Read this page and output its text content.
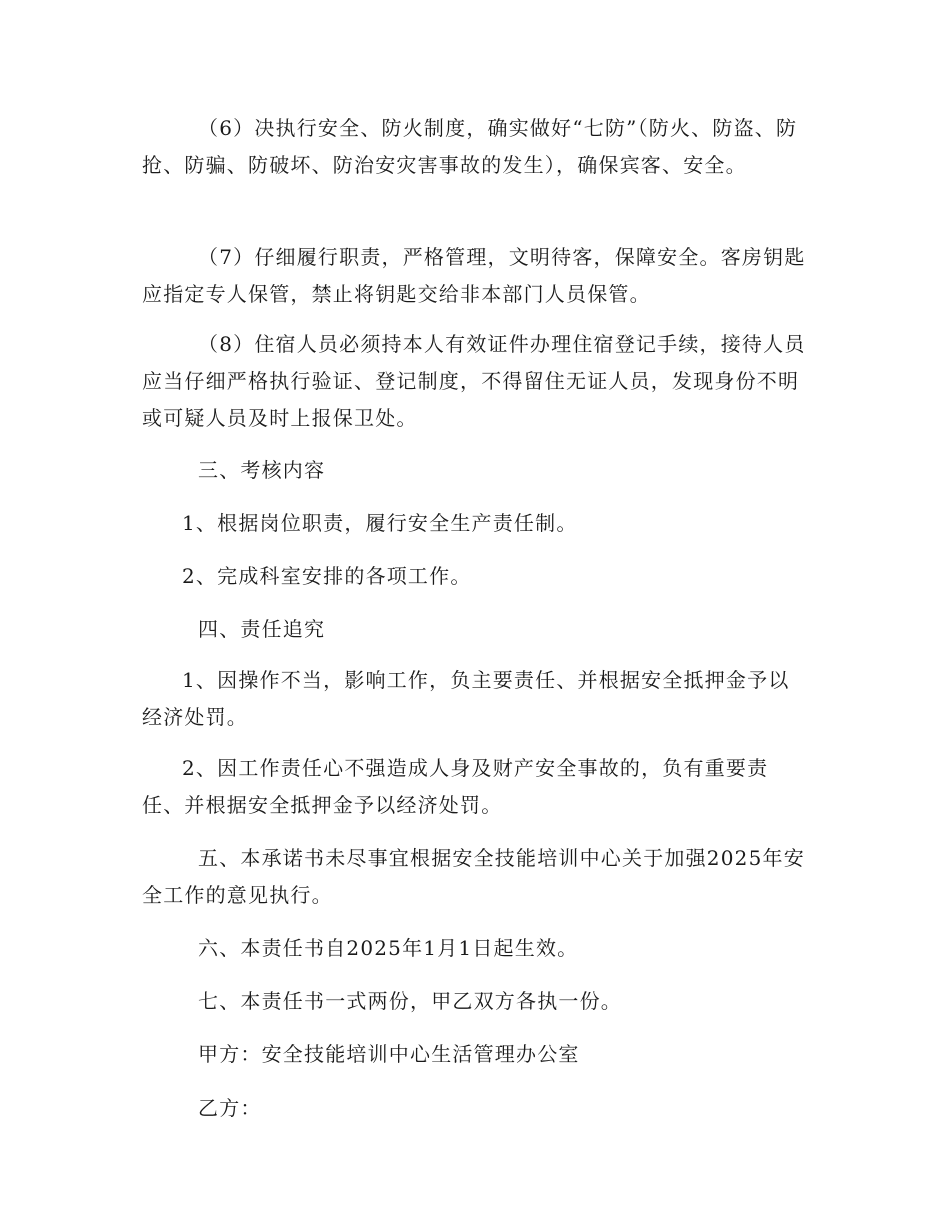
（6）决执行安全、防火制度，确实做好“七防”（防火、防盗、防抢、防骗、防破坏、防治安灾害事故的发生），确保宾客、安全。

（7）仔细履行职责，严格管理，文明待客，保障安全。客房钥匙应指定专人保管，禁止将钥匙交给非本部门人员保管。

（8）住宿人员必须持本人有效证件办理住宿登记手续，接待人员应当仔细严格执行验证、登记制度，不得留住无证人员，发现身份不明或可疑人员及时上报保卫处。

三、考核内容

1、根据岗位职责，履行安全生产责任制。

2、完成科室安排的各项工作。

四、责任追究

1、因操作不当，影响工作，负主要责任、并根据安全抵押金予以经济处罚。

2、因工作责任心不强造成人身及财产安全事故的，负有重要责任、并根据安全抵押金予以经济处罚。

五、本承诺书未尽事宜根据安全技能培训中心关于加强2025年安全工作的意见执行。

六、本责任书自2025年1月1日起生效。

七、本责任书一式两份，甲乙双方各执一份。

甲方：安全技能培训中心生活管理办公室

乙方：
